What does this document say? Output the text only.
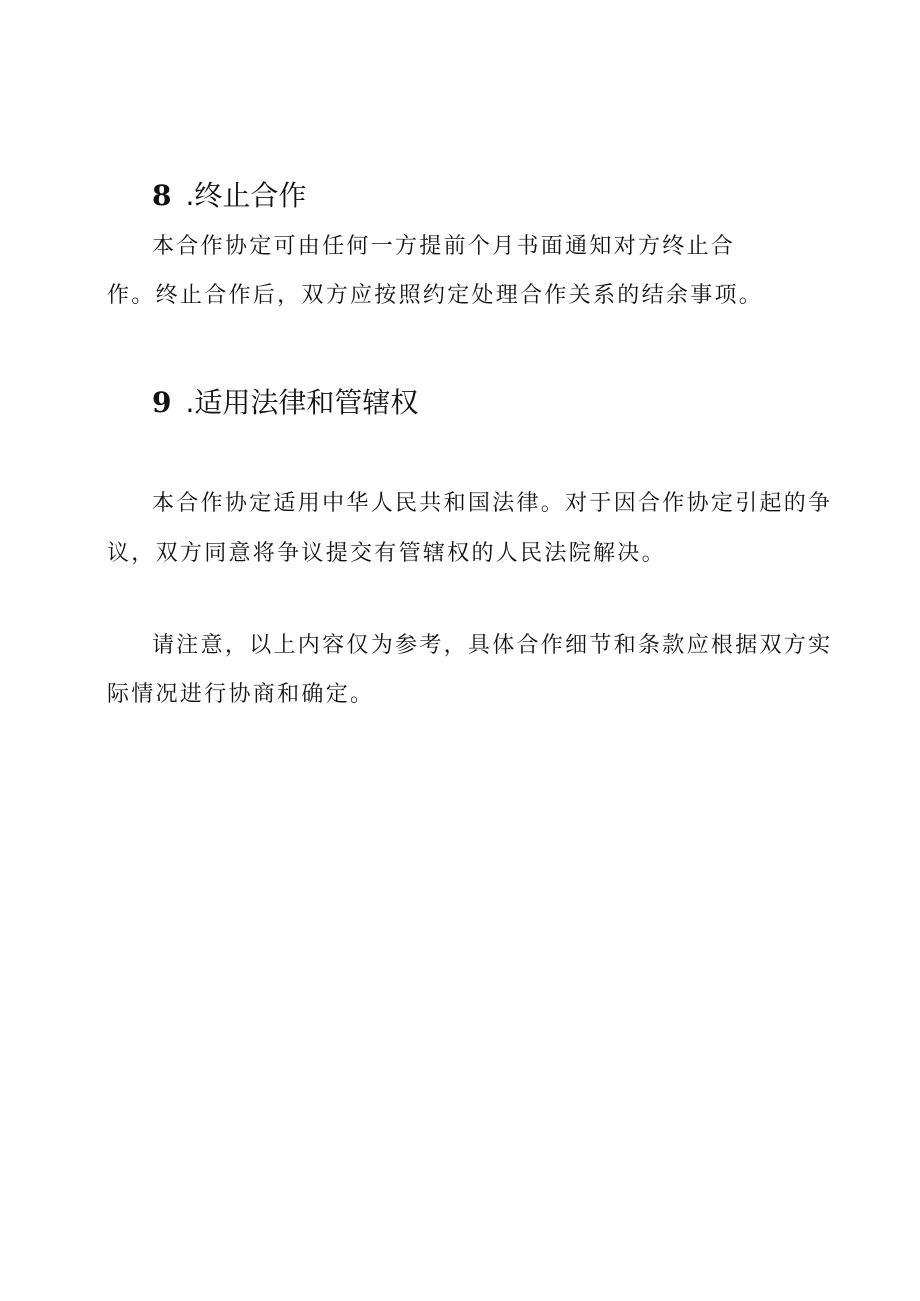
8 .终止合作
本合作协定可由任何一方提前个月书面通知对方终止合
作。终止合作后，双方应按照约定处理合作关系的结余事项。
9 .适用法律和管辖权
本合作协定适用中华人民共和国法律。对于因合作协定引起的争
议，双方同意将争议提交有管辖权的人民法院解决。
请注意，以上内容仅为参考，具体合作细节和条款应根据双方实
际情况进行协商和确定。
